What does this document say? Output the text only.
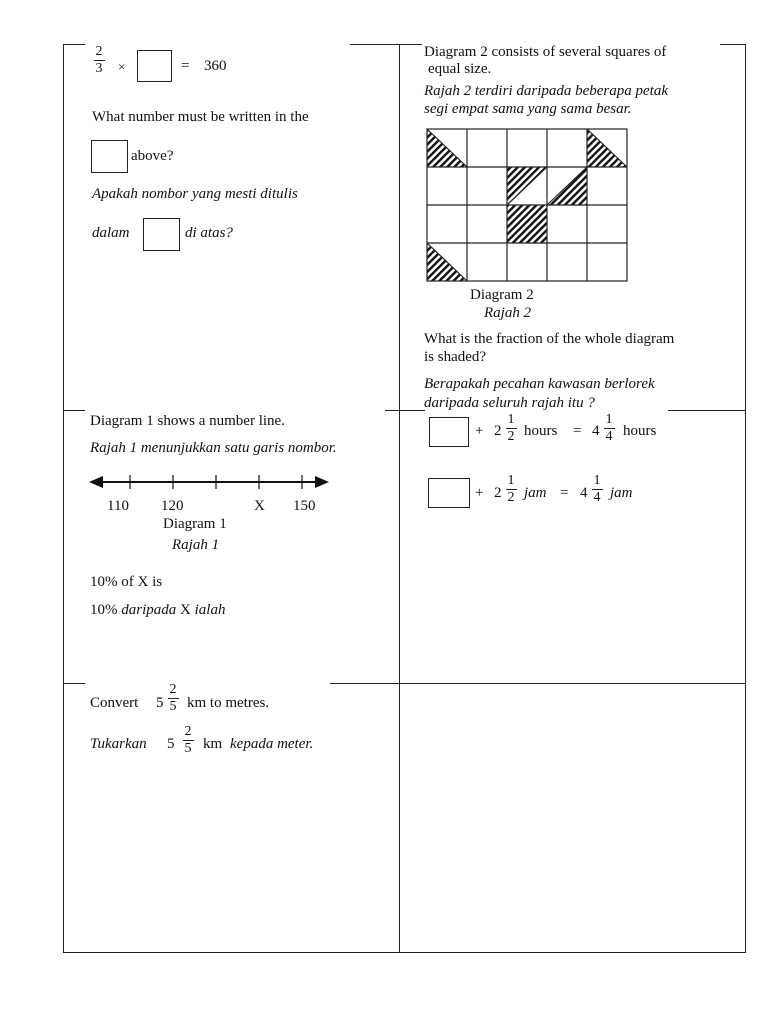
2
3 ×	= 360
What number must be written in the
above?
Apakah nombor yang mesti ditulis
dalam	di atas?
Diagram 2 consists of several squares of
equal size.
Rajah 2 terdiri daripada beberapa petak
segi empat sama yang sama besar.
Diagram 2
Rajah 2
What is the fraction of the whole diagram
is shaded?
Berapakah pecahan kawasan berlorek
daripada seluruh rajah itu ?
Diagram 1 shows a number line.
Rajah 1 menunjukkan satu garis nombor.
110 120	X 150
Diagram 1
Rajah 1
10% of X is
10% daripada X ialah
+ 2
1
2 hours = 4
1
4 hours
+ 2
1
2 jam = 4
1
4 jam
Convert 5
2
5 km to metres.
Tukarkan 5
2
5 km kepada meter.
